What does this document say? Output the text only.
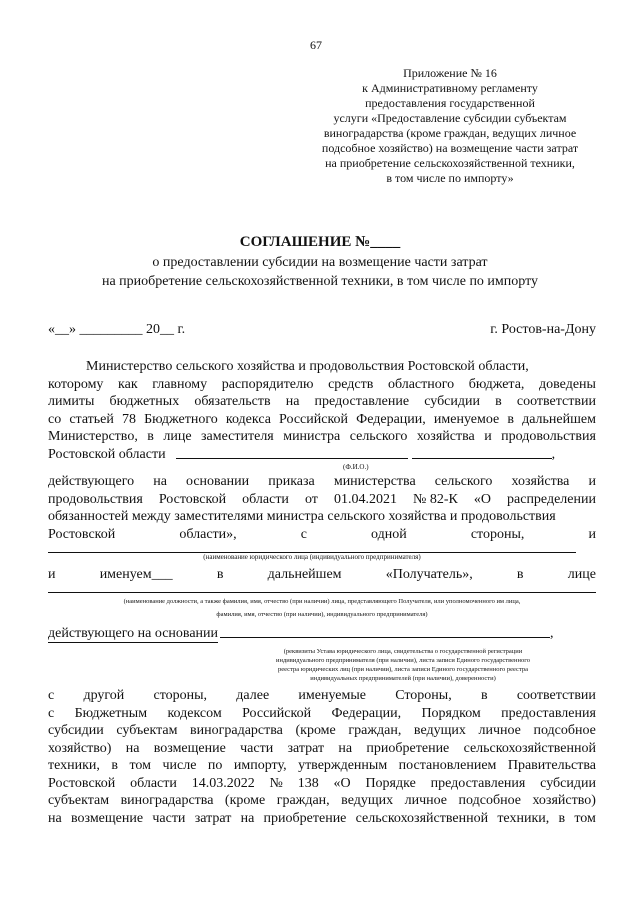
67
Приложение № 16
к Административному регламенту
предоставления государственной
услуги «Предоставление субсидии субъектам
виноградарства (кроме граждан, ведущих личное
подсобное хозяйство) на возмещение части затрат
на приобретение сельскохозяйственной техники,
в том числе по импорту»
СОГЛАШЕНИЕ №____
о предоставлении субсидии на возмещение части затрат
на приобретение сельскохозяйственной техники, в том числе по импорту
«__» _________ 20__ г.	г. Ростов-на-Дону
Министерство сельского хозяйства и продовольствия Ростовской области,
которому как главному распорядителю средств областного бюджета, доведены
лимиты бюджетных обязательств на предоставление субсидии в соответствии
со статьей 78 Бюджетного кодекса Российской Федерации, именуемое в дальнейшем
Министерство, в лице заместителя министра сельского хозяйства и продовольствия
Ростовской области	,
(Ф.И.О.)
действующего на основании приказа министерства сельского хозяйства и
продовольствия Ростовской области от 01.04.2021 № 82-К «О распределении
обязанностей между заместителями министра сельского хозяйства и продовольствия
Ростовской	области»,	с	одной	стороны,	и
(наименование юридического лица (индивидуального предпринимателя)
и	именуем___	в	дальнейшем	«Получатель»,	в	лице
(наименование должности, а также фамилия, имя, отчество (при наличии) лица, представляющего Получателя, или уполномоченного им лица,
фамилия, имя, отчество (при наличии), индивидуального предпринимателя)
действующего на основании	,
(реквизиты Устава юридического лица, свидетельства о государственной регистрации
индивидуального предпринимателя (при наличии), листа записи Единого государственного
реестра юридических лиц (при наличии), листа записи Единого государственного реестра
индивидуальных предпринимателей (при наличии), доверенности)
с другой стороны, далее именуемые Стороны, в соответствии
с Бюджетным кодексом Российской Федерации, Порядком предоставления
субсидии субъектам виноградарства (кроме граждан, ведущих личное подсобное
хозяйство) на возмещение части затрат на приобретение сельскохозяйственной
техники, в том числе по импорту, утвержденным постановлением Правительства
Ростовской области 14.03.2022 № 138 «О Порядке предоставления субсидии
субъектам виноградарства (кроме граждан, ведущих личное подсобное хозяйство)
на возмещение части затрат на приобретение сельскохозяйственной техники, в том
